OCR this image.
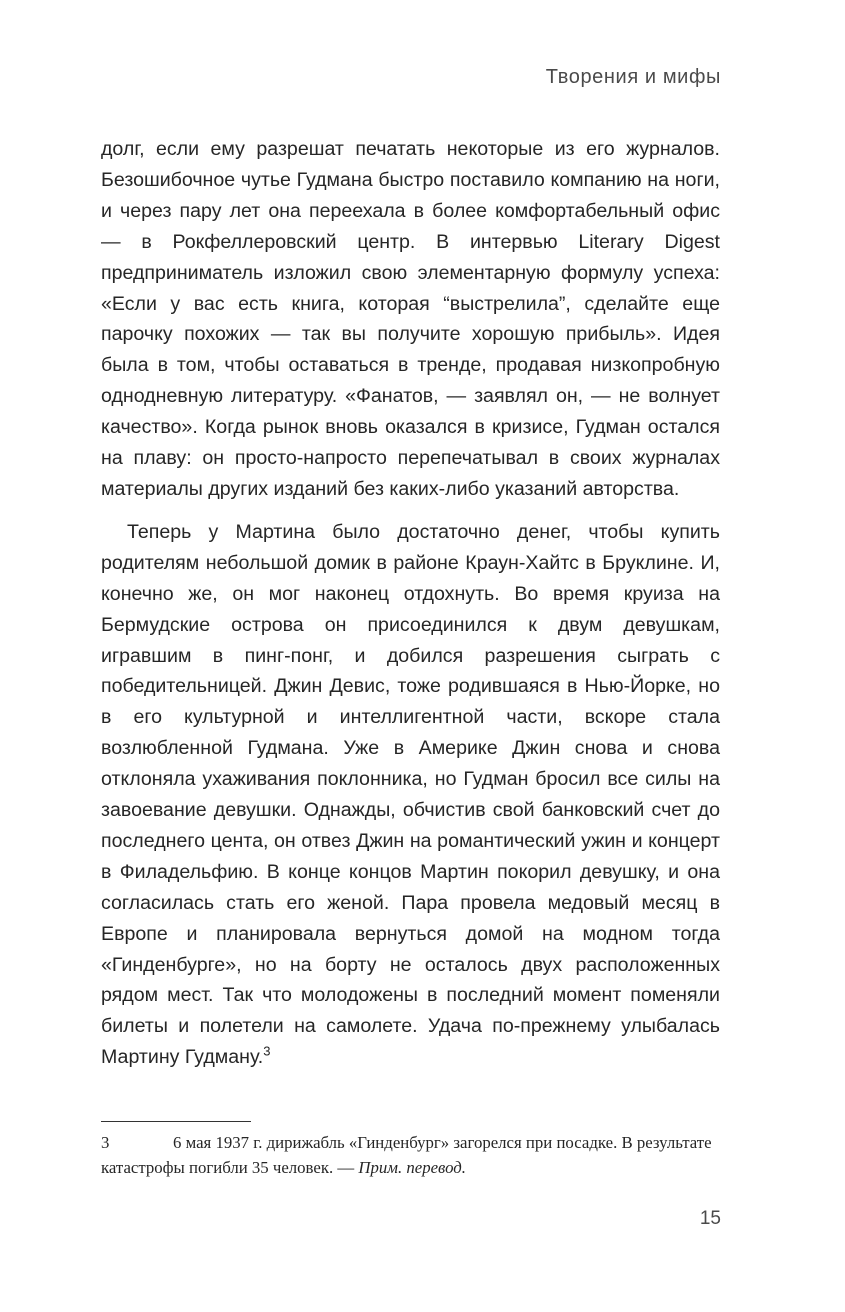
Творения и мифы

долг, если ему разрешат печатать некоторые из его журналов. Безошибочное чутье Гудмана быстро поставило компанию на ноги, и через пару лет она переехала в более комфортабельный офис — в Рокфеллеровский центр. В интервью Literary Digest предприниматель изложил свою элементарную формулу успеха: «Если у вас есть книга, которая “выстрелила”, сделайте еще парочку похожих — так вы получите хорошую прибыль». Идея была в том, чтобы оставаться в тренде, продавая низкопробную однодневную литературу. «Фанатов, — заявлял он, — не волнует качество». Когда рынок вновь оказался в кризисе, Гудман остался на плаву: он просто-напросто перепечатывал в своих журналах материалы других изданий без каких-либо указаний авторства.

Теперь у Мартина было достаточно денег, чтобы купить родителям небольшой домик в районе Краун-Хайтс в Бруклине. И, конечно же, он мог наконец отдохнуть. Во время круиза на Бермудские острова он присоединился к двум девушкам, игравшим в пинг-понг, и добился разрешения сыграть с победительницей. Джин Девис, тоже родившаяся в Нью-Йорке, но в его культурной и интеллигентной части, вскоре стала возлюбленной Гудмана. Уже в Америке Джин снова и снова отклоняла ухаживания поклонника, но Гудман бросил все силы на завоевание девушки. Однажды, обчистив свой банковский счет до последнего цента, он отвез Джин на романтический ужин и концерт в Филадельфию. В конце концов Мартин покорил девушку, и она согласилась стать его женой. Пара провела медовый месяц в Европе и планировала вернуться домой на модном тогда «Гинденбурге», но на борту не осталось двух расположенных рядом мест. Так что молодожены в последний момент поменяли билеты и полетели на самолете. Удача по-прежнему улыбалась Мартину Гудману.$^3$

3	6 мая 1937 г. дирижабль «Гинденбург» загорелся при посадке. В результате катастрофы погибли 35 человек. — Прим. перевод.

15
